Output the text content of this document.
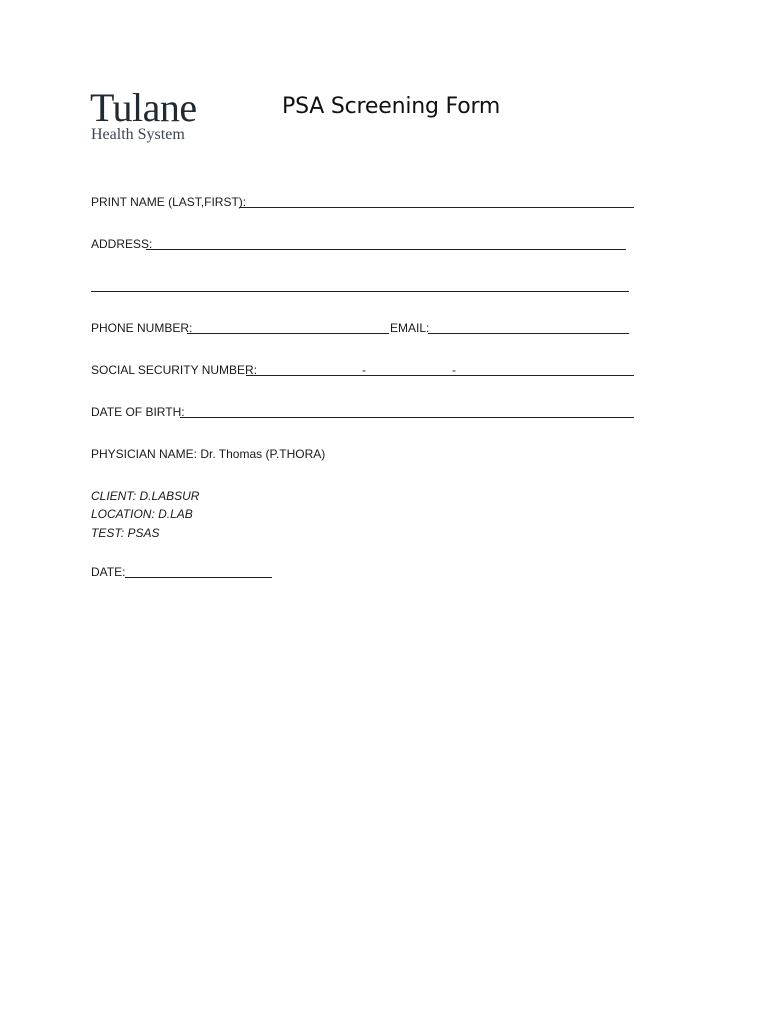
Tulane
Health System
PSA Screening Form
PRINT NAME (LAST,FIRST):
ADDRESS:
PHONE NUMBER:	EMAIL:
SOCIAL SECURITY NUMBER:	-	-
DATE OF BIRTH:
PHYSICIAN NAME: Dr. Thomas (P.THORA)
CLIENT: D.LABSUR
LOCATION: D.LAB
TEST: PSAS
DATE:
